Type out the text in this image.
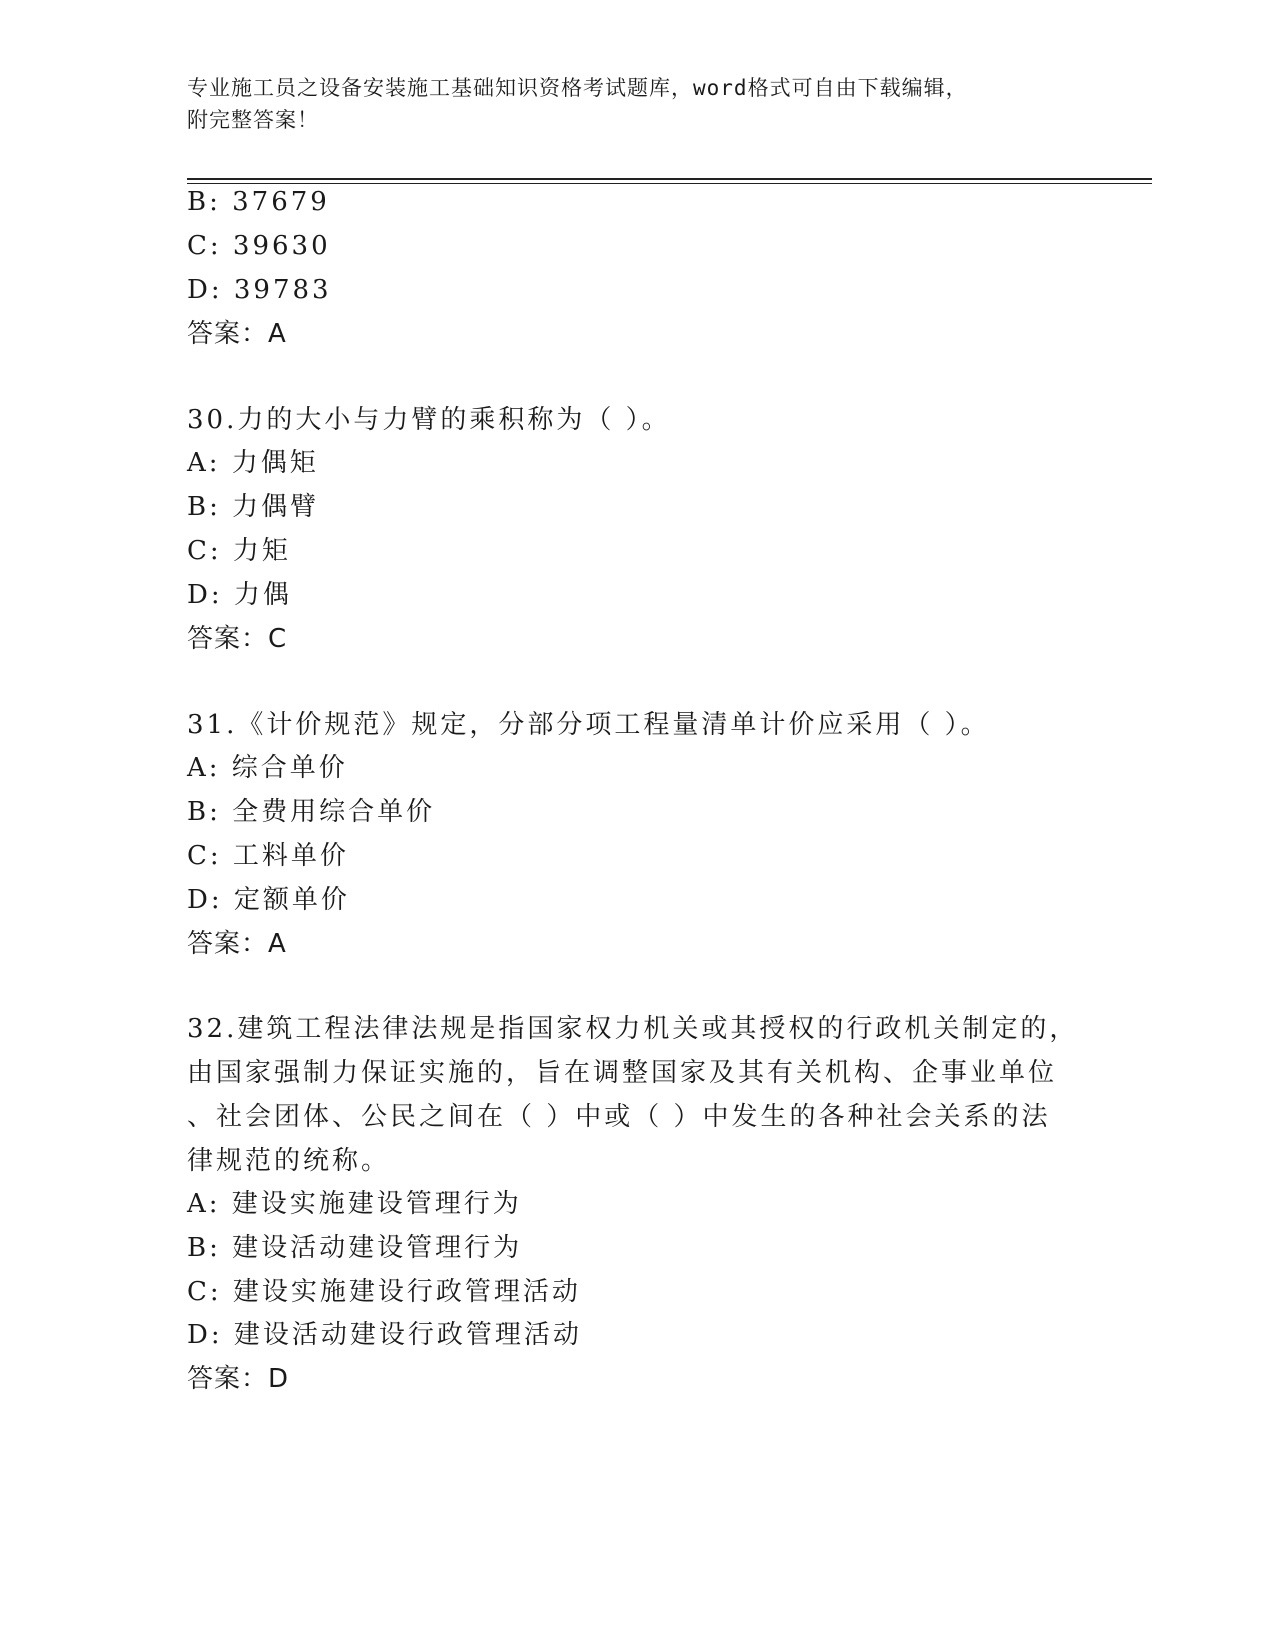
专业施工员之设备安装施工基础知识资格考试题库，word格式可自由下载编辑，
附完整答案！
B: 37679
C: 39630
D: 39783
答案：A
30.力的大小与力臂的乘积称为（ ）。
A: 力偶矩
B: 力偶臂
C: 力矩
D: 力偶
答案：C
31.《计价规范》规定，分部分项工程量清单计价应采用（ ）。
A: 综合单价
B: 全费用综合单价
C: 工料单价
D: 定额单价
答案：A
32.建筑工程法律法规是指国家权力机关或其授权的行政机关制定的，
由国家强制力保证实施的，旨在调整国家及其有关机构、企事业单位
、社会团体、公民之间在（ ）中或（ ）中发生的各种社会关系的法
律规范的统称。
A: 建设实施建设管理行为
B: 建设活动建设管理行为
C: 建设实施建设行政管理活动
D: 建设活动建设行政管理活动
答案：D
